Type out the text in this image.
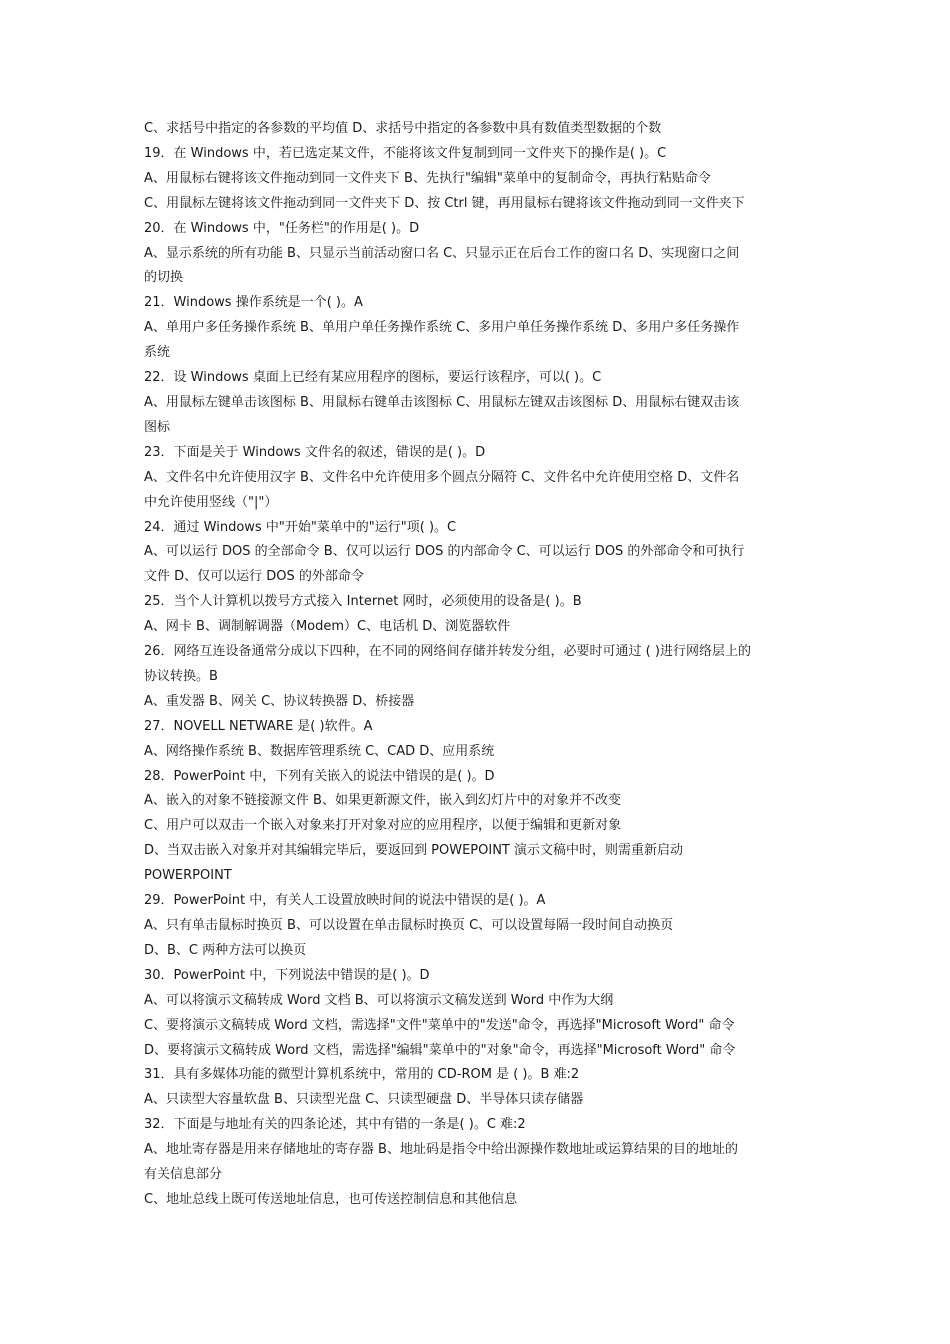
C、求括号中指定的各参数的平均值 D、求括号中指定的各参数中具有数值类型数据的个数
19．在 Windows 中，若已选定某文件，不能将该文件复制到同一文件夹下的操作是( )。C
A、用鼠标右键将该文件拖动到同一文件夹下 B、先执行"编辑"菜单中的复制命令，再执行粘贴命令
C、用鼠标左键将该文件拖动到同一文件夹下 D、按 Ctrl 键，再用鼠标右键将该文件拖动到同一文件夹下
20．在 Windows 中，"任务栏"的作用是( )。D
A、显示系统的所有功能 B、只显示当前活动窗口名 C、只显示正在后台工作的窗口名 D、实现窗口之间
的切换
21．Windows 操作系统是一个( )。A
A、单用户多任务操作系统 B、单用户单任务操作系统 C、多用户单任务操作系统 D、多用户多任务操作
系统
22．设 Windows 桌面上已经有某应用程序的图标，要运行该程序，可以( )。C
A、用鼠标左键单击该图标 B、用鼠标右键单击该图标 C、用鼠标左键双击该图标 D、用鼠标右键双击该
图标
23．下面是关于 Windows 文件名的叙述，错误的是( )。D
A、文件名中允许使用汉字 B、文件名中允许使用多个圆点分隔符 C、文件名中允许使用空格 D、文件名
中允许使用竖线（"|"）
24．通过 Windows 中"开始"菜单中的"运行"项( )。C
A、可以运行 DOS 的全部命令 B、仅可以运行 DOS 的内部命令 C、可以运行 DOS 的外部命令和可执行
文件 D、仅可以运行 DOS 的外部命令
25．当个人计算机以拨号方式接入 Internet 网时，必须使用的设备是( )。B
A、网卡 B、调制解调器（Modem）C、电话机 D、浏览器软件
26．网络互连设备通常分成以下四种，在不同的网络间存储并转发分组，必要时可通过 ( )进行网络层上的
协议转换。B
A、重发器 B、网关 C、协议转换器 D、桥接器
27．NOVELL NETWARE 是( )软件。A
A、网络操作系统 B、数据库管理系统 C、CAD D、应用系统
28．PowerPoint 中，下列有关嵌入的说法中错误的是( )。D
A、嵌入的对象不链接源文件 B、如果更新源文件，嵌入到幻灯片中的对象并不改变
C、用户可以双击一个嵌入对象来打开对象对应的应用程序，以便于编辑和更新对象
D、当双击嵌入对象并对其编辑完毕后，要返回到 POWEPOINT 演示文稿中时，则需重新启动
POWERPOINT
29．PowerPoint 中，有关人工设置放映时间的说法中错误的是( )。A
A、只有单击鼠标时换页 B、可以设置在单击鼠标时换页 C、可以设置每隔一段时间自动换页
D、B、C 两种方法可以换页
30．PowerPoint 中，下列说法中错误的是( )。D
A、可以将演示文稿转成 Word 文档 B、可以将演示文稿发送到 Word 中作为大纲
C、要将演示文稿转成 Word 文档，需选择"文件"菜单中的"发送"命令，再选择"Microsoft Word" 命令
D、要将演示文稿转成 Word 文档，需选择"编辑"菜单中的"对象"命令，再选择"Microsoft Word" 命令
31．具有多媒体功能的微型计算机系统中，常用的 CD-ROM 是 ( )。B 难:2
A、只读型大容量软盘 B、只读型光盘 C、只读型硬盘 D、半导体只读存储器
32．下面是与地址有关的四条论述，其中有错的一条是( )。C 难:2
A、地址寄存器是用来存储地址的寄存器 B、地址码是指令中给出源操作数地址或运算结果的目的地址的
有关信息部分
C、地址总线上既可传送地址信息，也可传送控制信息和其他信息
